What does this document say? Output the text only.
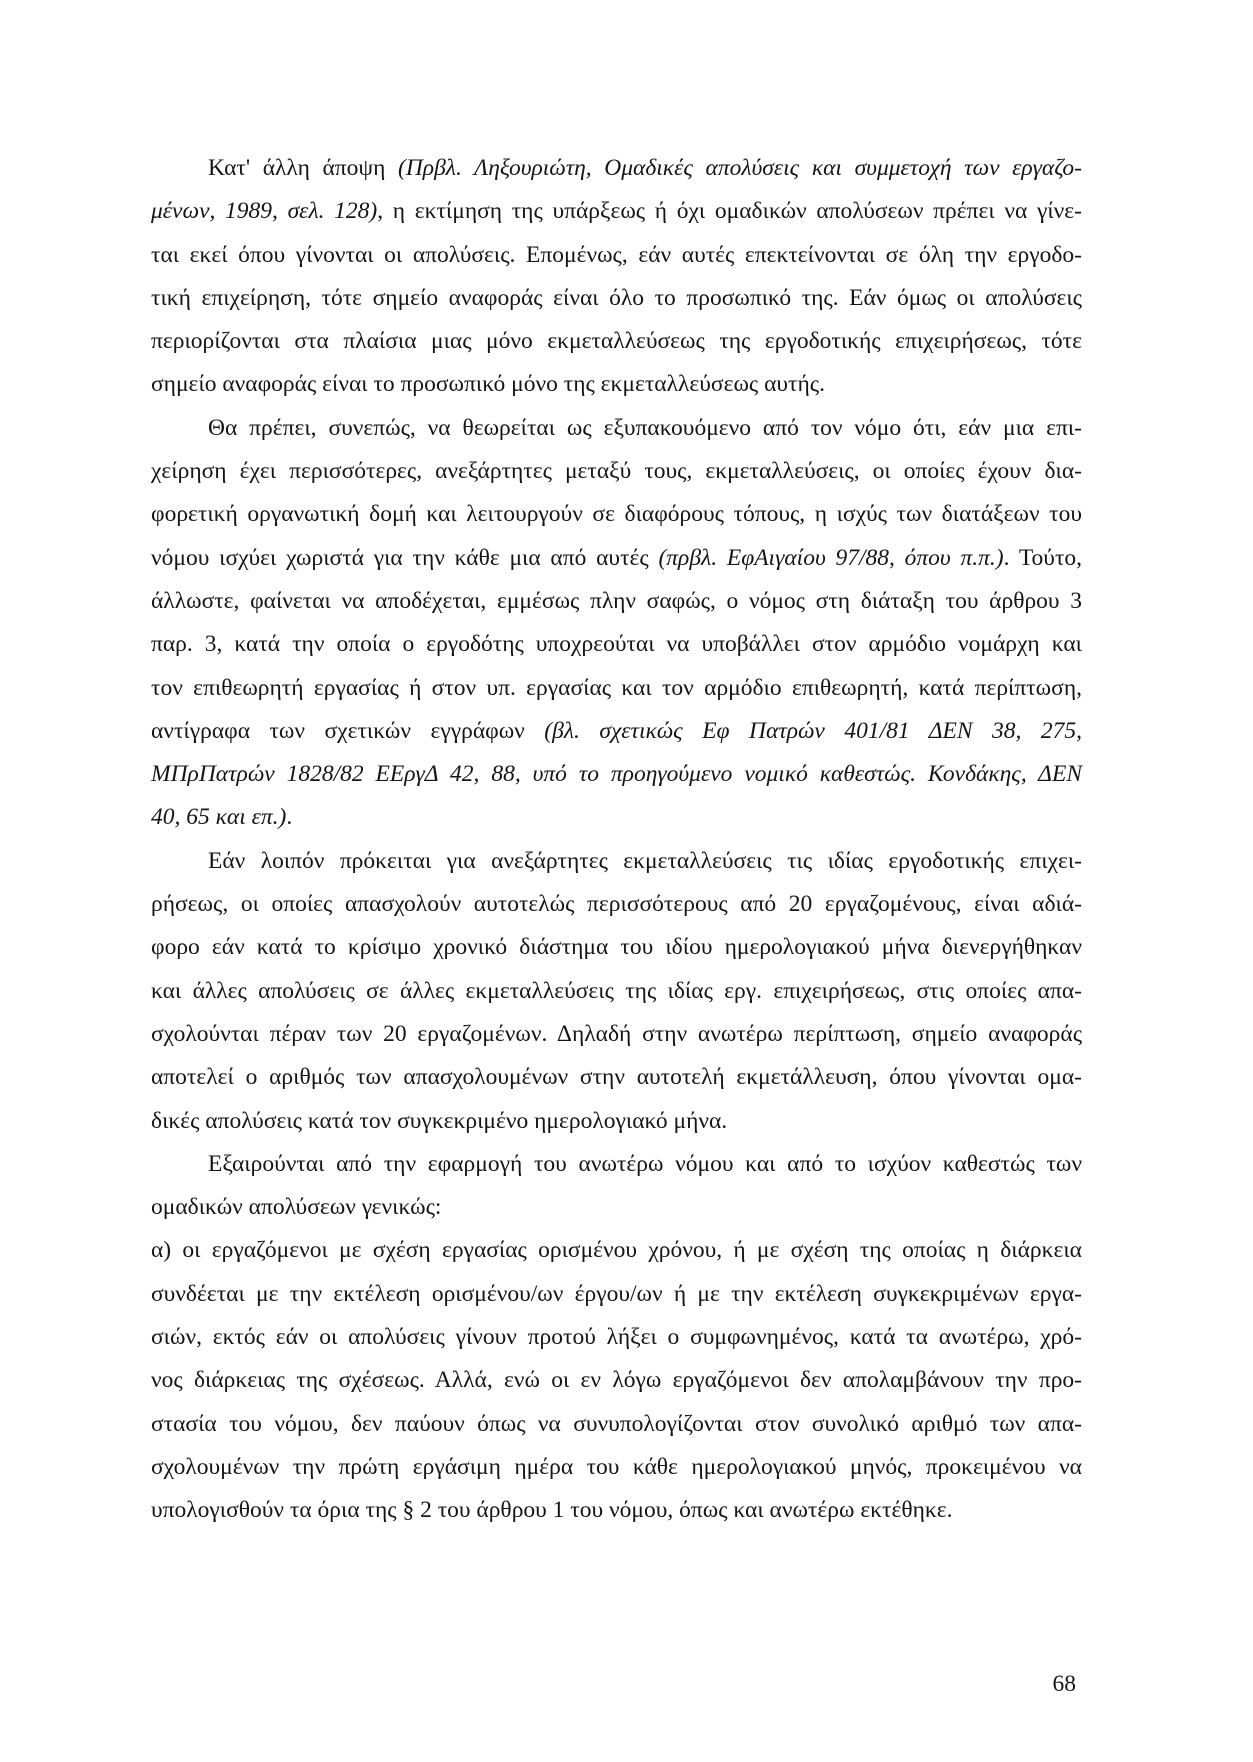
Κατ' άλλη άποψη (Πρβλ. Ληξουριώτη, Ομαδικές απολύσεις και συμμετοχή των εργαζο-
μένων, 1989, σελ. 128), η εκτίμηση της υπάρξεως ή όχι ομαδικών απολύσεων πρέπει να γίνε-
ται εκεί όπου γίνονται οι απολύσεις. Επομένως, εάν αυτές επεκτείνονται σε όλη την εργοδο-
τική επιχείρηση, τότε σημείο αναφοράς είναι όλο το προσωπικό της. Εάν όμως οι απολύσεις
περιορίζονται στα πλαίσια μιας μόνο εκμεταλλεύσεως της εργοδοτικής επιχειρήσεως, τότε
σημείο αναφοράς είναι το προσωπικό μόνο της εκμεταλλεύσεως αυτής.
Θα πρέπει, συνεπώς, να θεωρείται ως εξυπακουόμενο από τον νόμο ότι, εάν μια επι-
χείρηση έχει περισσότερες, ανεξάρτητες μεταξύ τους, εκμεταλλεύσεις, οι οποίες έχουν δια-
φορετική οργανωτική δομή και λειτουργούν σε διαφόρους τόπους, η ισχύς των διατάξεων του
νόμου ισχύει χωριστά για την κάθε μια από αυτές (πρβλ. ΕφΑιγαίου 97/88, όπου π.π.). Τούτο,
άλλωστε, φαίνεται να αποδέχεται, εμμέσως πλην σαφώς, ο νόμος στη διάταξη του άρθρου 3
παρ. 3, κατά την οποία ο εργοδότης υποχρεούται να υποβάλλει στον αρμόδιο νομάρχη και
τον επιθεωρητή εργασίας ή στον υπ. εργασίας και τον αρμόδιο επιθεωρητή, κατά περίπτωση,
αντίγραφα των σχετικών εγγράφων (βλ. σχετικώς Εφ Πατρών 401/81 ΔΕΝ 38, 275,
ΜΠρΠατρών 1828/82 ΕΕργΔ 42, 88, υπό το προηγούμενο νομικό καθεστώς. Κονδάκης, ΔΕΝ
40, 65 και επ.).
Εάν λοιπόν πρόκειται για ανεξάρτητες εκμεταλλεύσεις τις ιδίας εργοδοτικής επιχει-
ρήσεως, οι οποίες απασχολούν αυτοτελώς περισσότερους από 20 εργαζομένους, είναι αδιά-
φορο εάν κατά το κρίσιμο χρονικό διάστημα του ιδίου ημερολογιακού μήνα διενεργήθηκαν
και άλλες απολύσεις σε άλλες εκμεταλλεύσεις της ιδίας εργ. επιχειρήσεως, στις οποίες απα-
σχολούνται πέραν των 20 εργαζομένων. Δηλαδή στην ανωτέρω περίπτωση, σημείο αναφοράς
αποτελεί ο αριθμός των απασχολουμένων στην αυτοτελή εκμετάλλευση, όπου γίνονται ομα-
δικές απολύσεις κατά τον συγκεκριμένο ημερολογιακό μήνα.
Εξαιρούνται από την εφαρμογή του ανωτέρω νόμου και από το ισχύον καθεστώς των
ομαδικών απολύσεων γενικώς:
α) οι εργαζόμενοι με σχέση εργασίας ορισμένου χρόνου, ή με σχέση της οποίας η διάρκεια
συνδέεται με την εκτέλεση ορισμένου/ων έργου/ων ή με την εκτέλεση συγκεκριμένων εργα-
σιών, εκτός εάν οι απολύσεις γίνουν προτού λήξει ο συμφωνημένος, κατά τα ανωτέρω, χρό-
νος διάρκειας της σχέσεως. Αλλά, ενώ οι εν λόγω εργαζόμενοι δεν απολαμβάνουν την προ-
στασία του νόμου, δεν παύουν όπως να συνυπολογίζονται στον συνολικό αριθμό των απα-
σχολουμένων την πρώτη εργάσιμη ημέρα του κάθε ημερολογιακού μηνός, προκειμένου να
υπολογισθούν τα όρια της § 2 του άρθρου 1 του νόμου, όπως και ανωτέρω εκτέθηκε.
68
